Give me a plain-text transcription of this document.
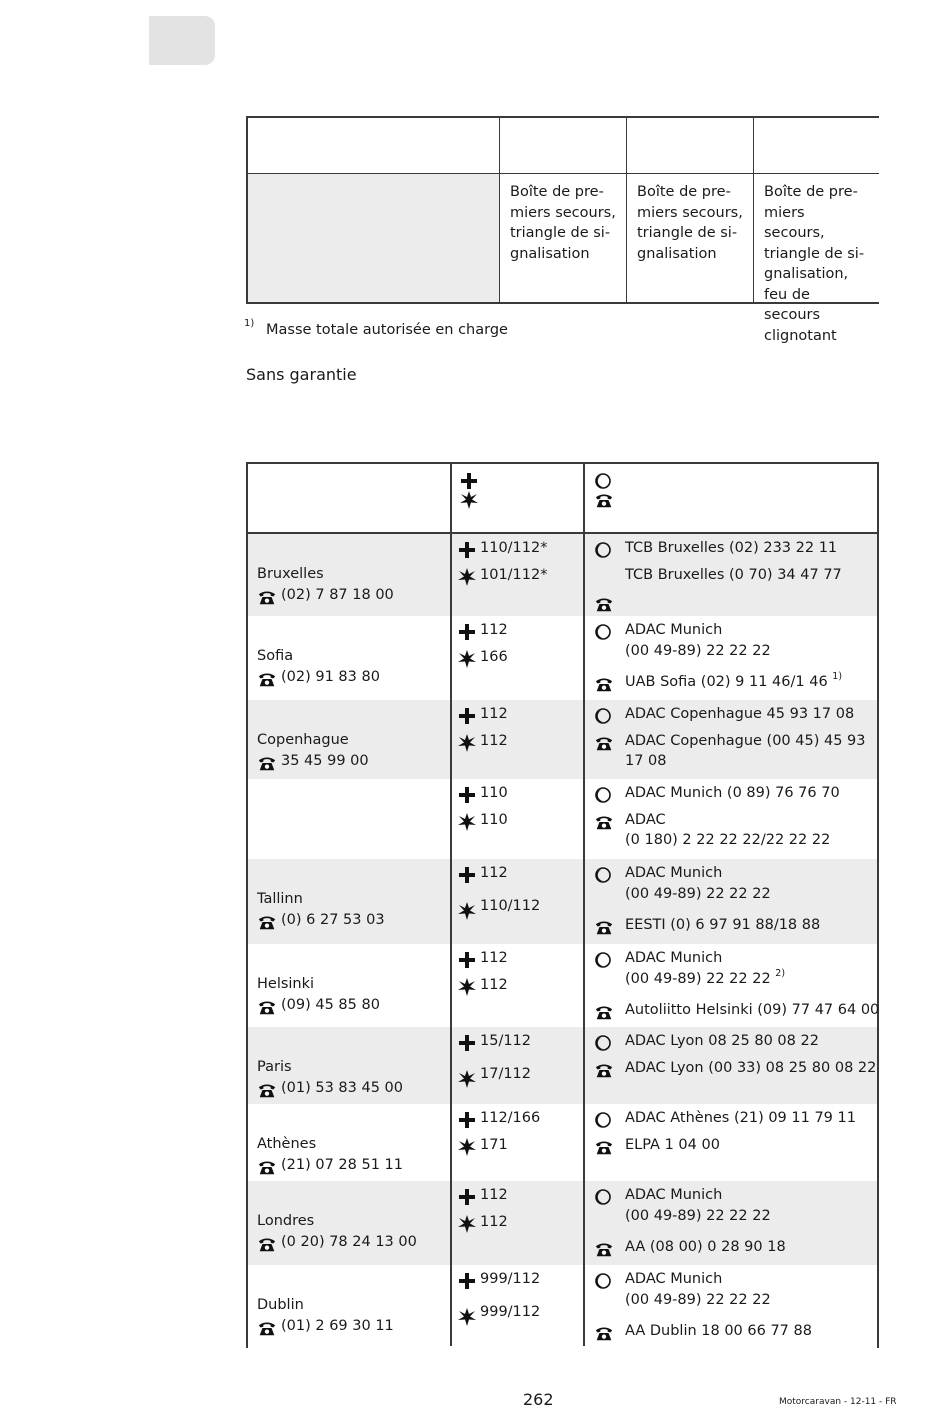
Boîte de pre-
miers secours,
triangle de si-
gnalisation
Boîte de pre-
miers secours,
triangle de si-
gnalisation
Boîte de pre-
miers secours,
triangle de si-
gnalisation,
feu de secours
clignotant
1) Masse totale autorisée en charge
Sans garantie
Bruxelles
(02) 7 87 18 00
110/112*
101/112*
TCB Bruxelles (02) 233 22 11
TCB Bruxelles (0 70) 34 47 77
Sofia
(02) 91 83 80
112
166
ADAC Munich
(00 49-89) 22 22 22
UAB Sofia (02) 9 11 46/1 46 $^{1)}$
Copenhague
35 45 99 00
112
112
ADAC Copenhague 45 93 17 08
ADAC Copenhague (00 45) 45 93
17 08
110
110
ADAC Munich (0 89) 76 76 70
ADAC
(0 180) 2 22 22 22/22 22 22
Tallinn
(0) 6 27 53 03
112
110/112
ADAC Munich
(00 49-89) 22 22 22
EESTI (0) 6 97 91 88/18 88
Helsinki
(09) 45 85 80
112
112
ADAC Munich
(00 49-89) 22 22 22 $^{2)}$
Autoliitto Helsinki (09) 77 47 64 00
Paris
(01) 53 83 45 00
15/112
17/112
ADAC Lyon 08 25 80 08 22
ADAC Lyon (00 33) 08 25 80 08 22
Athènes
(21) 07 28 51 11
112/166
171
ADAC Athènes (21) 09 11 79 11
ELPA 1 04 00
Londres
(0 20) 78 24 13 00
112
112
ADAC Munich
(00 49-89) 22 22 22
AA (08 00) 0 28 90 18
Dublin
(01) 2 69 30 11
999/112
999/112
ADAC Munich
(00 49-89) 22 22 22
AA Dublin 18 00 66 77 88
262	Motorcaravan - 12-11 - FR
